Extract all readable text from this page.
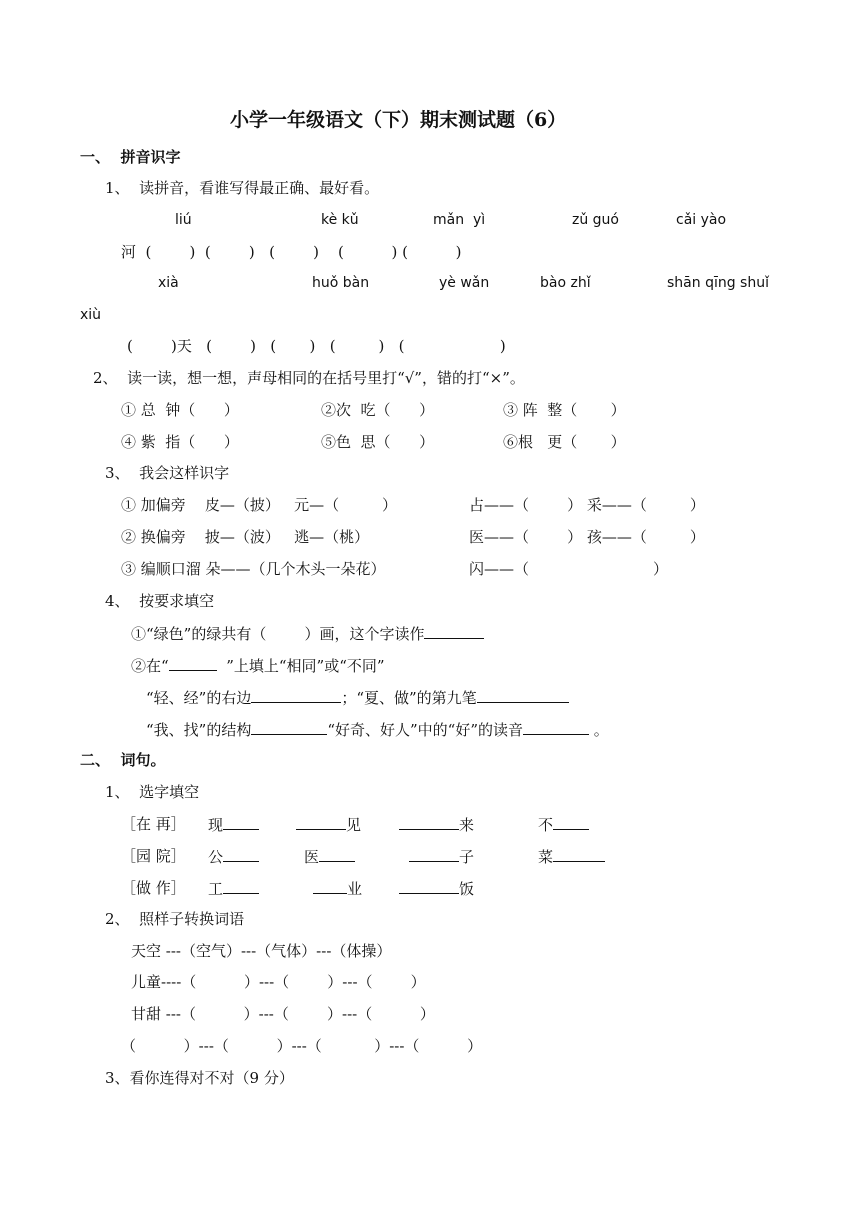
小学一年级语文（下）期末测试题（6）
一、  拼音识字
1、  读拼音，看谁写得最正确、最好看。
liú	kè kǔ	mǎn  yì	zǔ guó	cǎi yào
河  (        )  (        )   (        )    (          ) (          )
xià	huǒ bàn	yè wǎn	bào zhǐ	shān qīng shuǐ
xiù
(        )天   (        )   (       )   (         )   (                    )
2、  读一读，想一想，声母相同的在括号里打“√”，错的打“×”。
① 总  钟（      ）	②次  吃（      ）	③ 阵  整（       ）
④ 紫  指（      ）	⑤色  思（      ）	⑥根   更（       ）
3、  我会这样识字
① 加偏旁    皮—（披）   元—（         ）	占——（        ） 采——（         ）
② 换偏旁    披—（波）   逃—（桃）	医——（        ） 孩——（         ）
③ 编顺口溜 朵——（几个木头一朵花）	闪——（                          ）
4、  按要求填空
①“绿色”的绿共有（        ）画，这个字读作
②在“	”上填上“相同”或“不同”
“轻、经”的右边	；“夏、做”的第九笔
“我、找”的结构	“好奇、好人”中的“好”的读音	。
二、  词句。
1、  选字填空
［在 再］ 现	见	来	不
［园 院］ 公	医	子	菜
［做 作］ 工	业	饭
2、  照样子转换词语
天空 ---（空气）---（气体）---（体操）
儿童----（          ）---（        ）---（        ）
甘甜 ---（          ）---（        ）---（          ）
（          ）---（          ）---（           ）---（          ）
3、看你连得对不对（9 分）
